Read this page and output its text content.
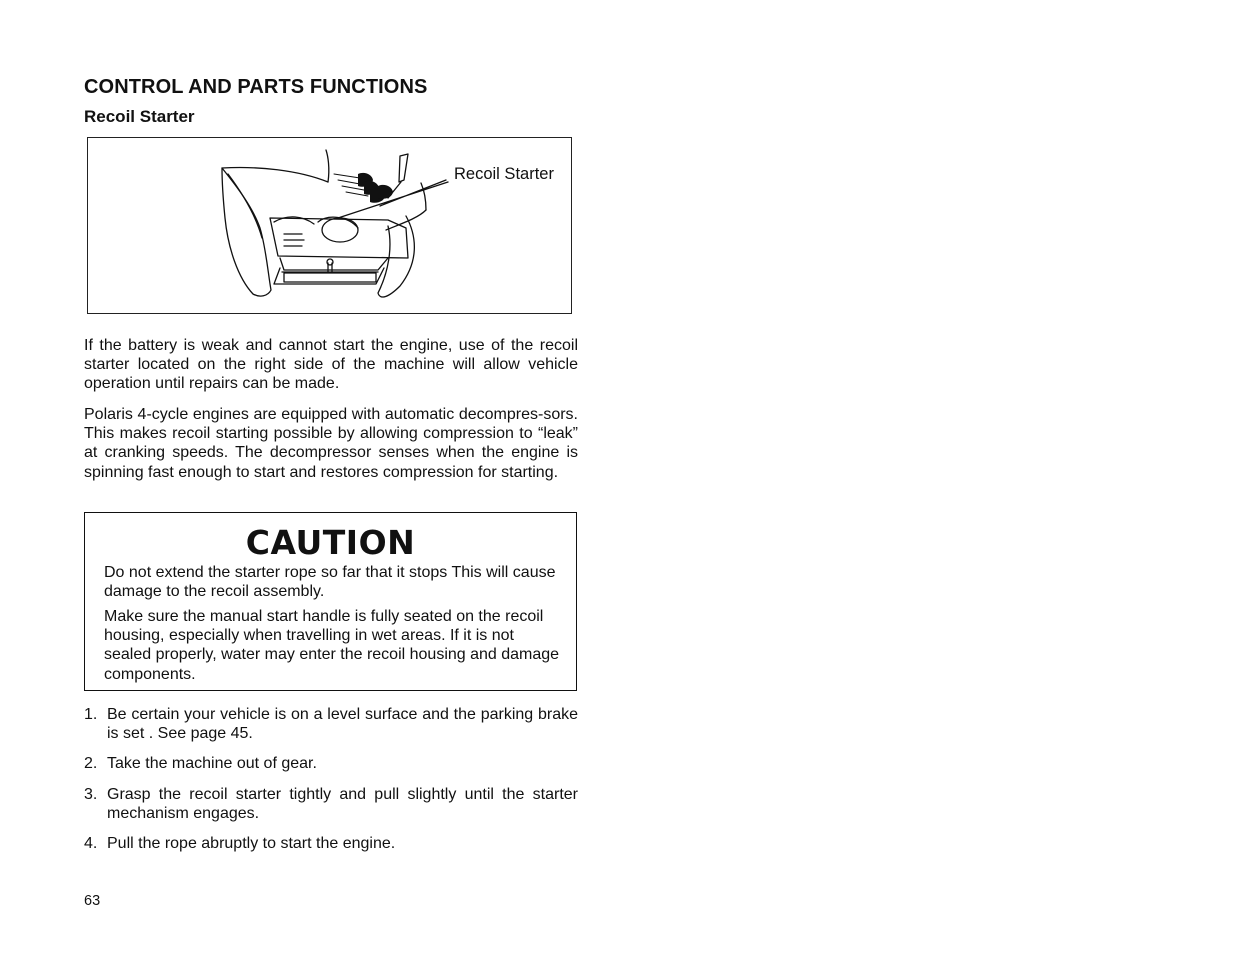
CONTROL AND PARTS FUNCTIONS
Recoil Starter
Recoil Starter

If the battery is weak and cannot start the engine, use of the recoil starter located on the right side of the machine will allow vehicle operation until repairs can be made.

Polaris 4-cycle engines are equipped with automatic decompres-sors. This makes recoil starting possible by allowing compression to “leak” at cranking speeds. The decompressor senses when the engine is spinning fast enough to start and restores compression for starting.

CAUTION

Do not extend the starter rope so far that it stops This will cause damage to the recoil assembly.

Make sure the manual start handle is fully seated on the recoil housing, especially when travelling in wet areas. If it is not sealed properly, water may enter the recoil housing and damage components.

1. Be certain your vehicle is on a level surface and the parking brake is set . See page 45.
2. Take the machine out of gear.
3. Grasp the recoil starter tightly and pull slightly until the starter mechanism engages.
4. Pull the rope abruptly to start the engine.
63
